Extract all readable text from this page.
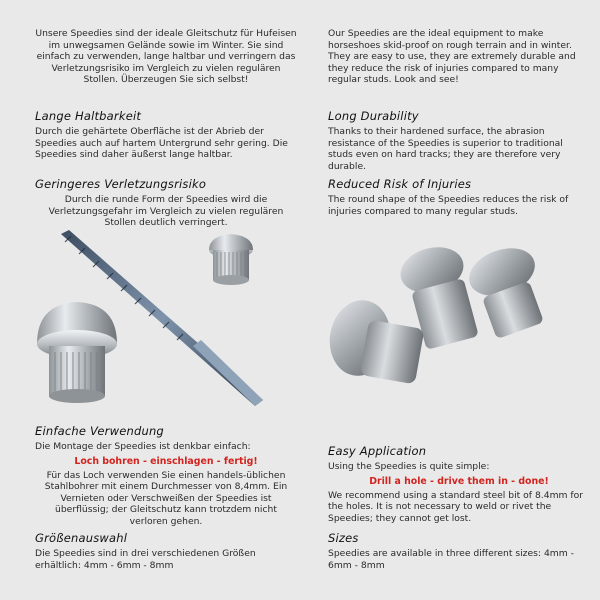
Unsere Speedies sind der ideale Gleitschutz für Hufeisen im unwegsamen Gelände sowie im Winter. Sie sind einfach zu verwenden, lange haltbar und verringern das Verletzungsrisiko im Vergleich zu vielen regulären Stollen. Überzeugen Sie sich selbst!

Lange Haltbarkeit

Durch die gehärtete Oberfläche ist der Abrieb der Speedies auch auf hartem Untergrund sehr gering. Die Speedies sind daher äußerst lange haltbar.

Geringeres Verletzungsrisiko

Durch die runde Form der Speedies wird die Verletzungsgefahr im Vergleich zu vielen regulären Stollen deutlich verringert.

Einfache Verwendung

Die Montage der Speedies ist denkbar einfach:

Loch bohren - einschlagen - fertig!

Für das Loch verwenden Sie einen handels-üblichen Stahlbohrer mit einem Durchmesser von 8,4mm. Ein Vernieten oder Verschweißen der Speedies ist überflüssig; der Gleitschutz kann trotzdem nicht verloren gehen.

Größenauswahl

Die Speedies sind in drei verschiedenen Größen erhältlich: 4mm - 6mm - 8mm

Our Speedies are the ideal equipment to make horseshoes skid-proof on rough terrain and in winter. They are easy to use, they are extremely durable and they reduce the risk of injuries compared to many regular studs. Look and see!

Long Durability

Thanks to their hardened surface, the abrasion resistance of the Speedies is superior to traditional studs even on hard tracks; they are therefore very durable.

Reduced Risk of Injuries

The round shape of the Speedies reduces the risk of injuries compared to many regular studs.

Easy Application

Using the Speedies is quite simple:

Drill a hole - drive them in - done!

We recommend using a standard steel bit of 8.4mm for the holes. It is not necessary to weld or rivet the Speedies; they cannot get lost.

Sizes

Speedies are available in three different sizes: 4mm - 6mm - 8mm
